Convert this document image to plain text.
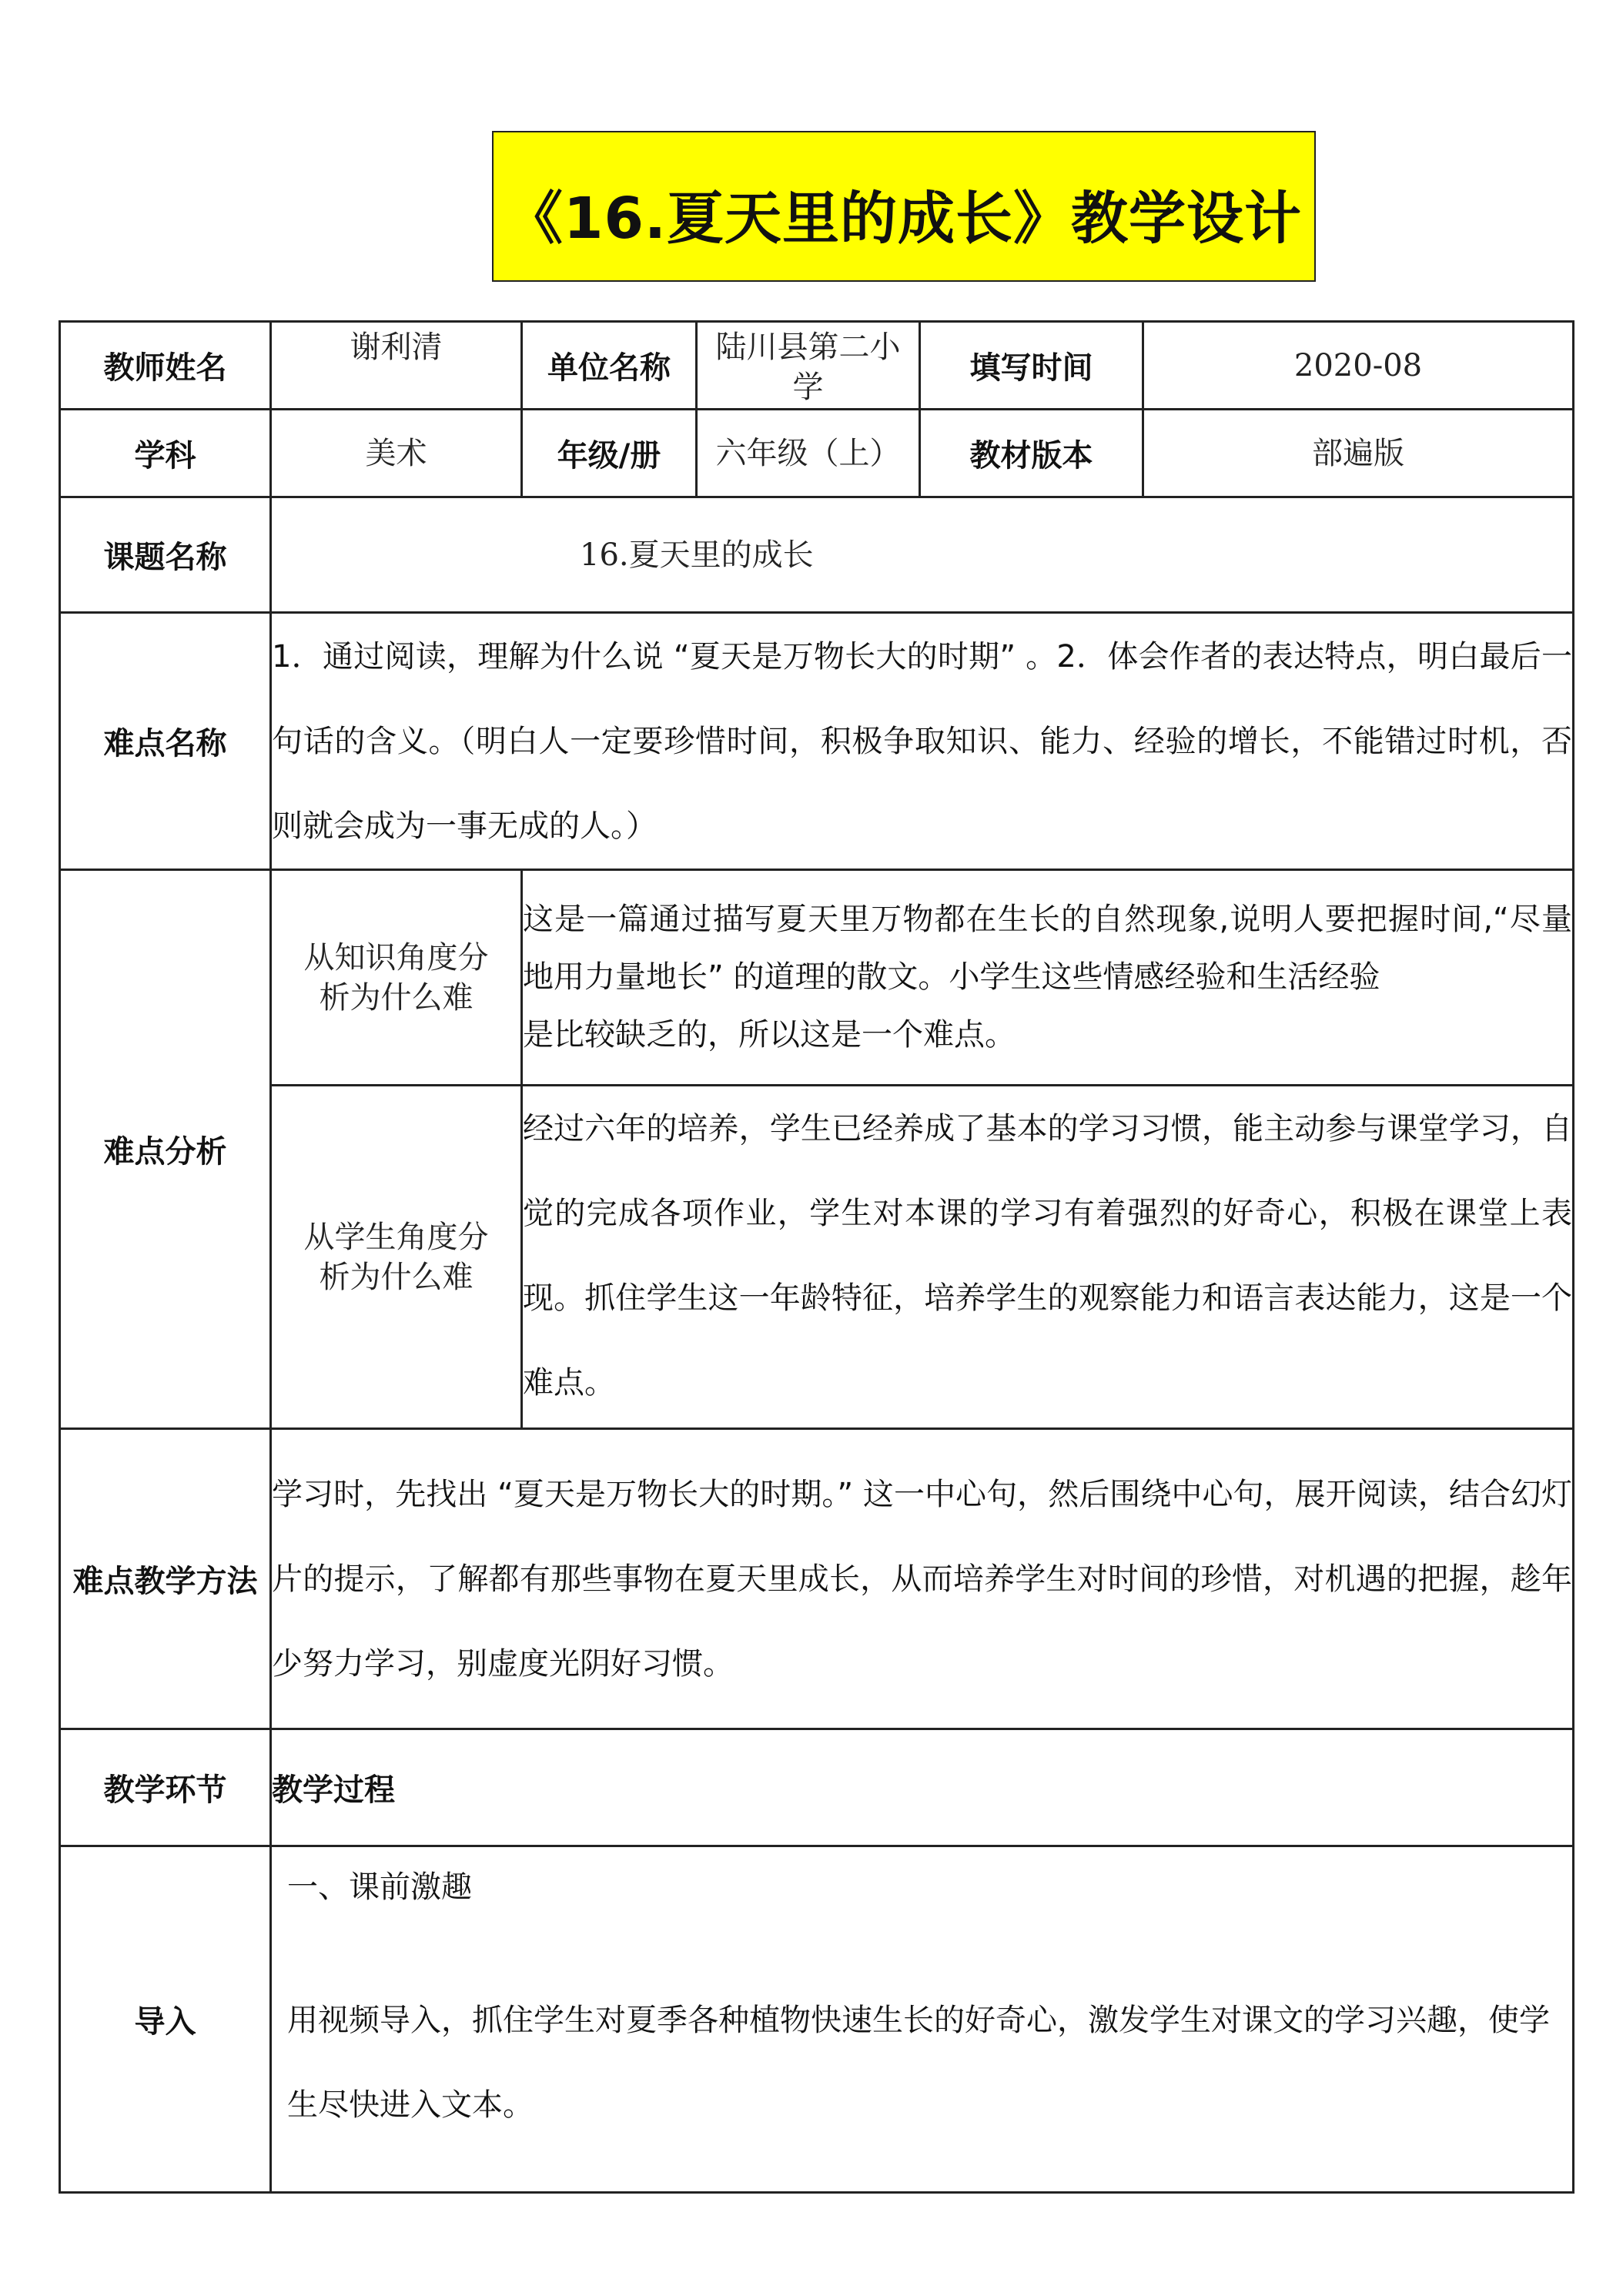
《16.夏天里的成长》教学设计
教师姓名	谢利清	单位名称	陆川县第二小学	填写时间	2020-08
学科	美术	年级/册	六年级（上）	教材版本	部遍版
课题名称	16.夏天里的成长				
难点名称	1．通过阅读，理解为什么说 “夏天是万物长大的时期” 。2．体会作者的表达特点，明白最后一句话的含义。（明白人一定要珍惜时间，积极争取知识、能力、经验的增长，不能错过时机，否则就会成为一事无成的人。）				
难点分析	从知识角度分析为什么难	这是一篇通过描写夏天里万物都在生长的自然现象,说明人要把握时间,“尽量地用力量地长” 的道理的散文。小学生这些情感经验和生活经验
是比较缺乏的，所以这是一个难点。			
	从学生角度分析为什么难	经过六年的培养，学生已经养成了基本的学习习惯，能主动参与课堂学习，自觉的完成各项作业，学生对本课的学习有着强烈的好奇心，积极在课堂上表现。抓住学生这一年龄特征，培养学生的观察能力和语言表达能力，这是一个难点。			
难点教学方法	学习时，先找出 “夏天是万物长大的时期。” 这一中心句，然后围绕中心句，展开阅读，结合幻灯片的提示，了解都有那些事物在夏天里成长，从而培养学生对时间的珍惜，对机遇的把握，趁年少努力学习，别虚度光阴好习惯。				
教学环节	教学过程				
导入	一、课前激趣
用视频导入，抓住学生对夏季各种植物快速生长的好奇心，激发学生对课文的学习兴趣，使学生尽快进入文本。				
